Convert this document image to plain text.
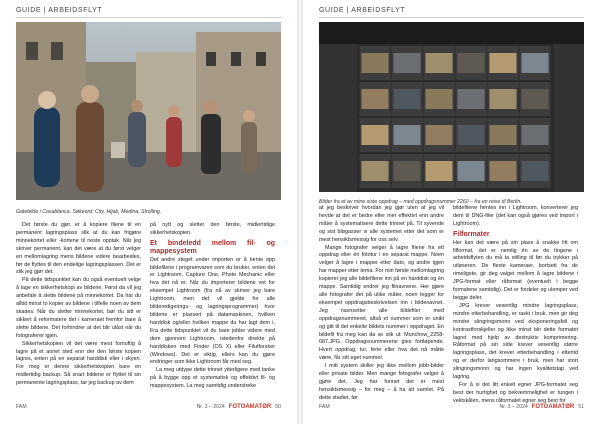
GUIDE | ARBEIDSFLYT
Gatebilde i Casablanca. Søkeord: City, Hijab, Medina, Strolling.

Det første du gjør, er å kopiere filene til en permanent lagringsplass slik at du kan frigjøre minnekortet eller -kortene til neste opptak. Når jeg skriver permanent, kan det være at du først velger en mellomlagring mens bildene videre bearbeides, før de flyttes til den endelige lagringsplassen. Det er slik jeg gjør det.

På dette tidspunktet kan du også eventuelt velge å lage en sikkerhetskopi av bildene. Først da vil jeg anbefale å slette bildene på minnekortet. Da har du alltid minst to kopier av bildene i tilfelle noen av dem skades. Når du sletter minnekortet, bør du sitt er sikkert å reformatere det i kameraet fremfor bare å slette bildene. Det forhindrer at det blir ulåst når du fotograferer igjen.

Sikkerhetskopien vil det være mest fornuftig å lagre på et annet sted enn der den første kopien lagres, enten på en separat harddisk eller i skyen. For meg er denne sikkerhetskopien bare en midlertidig backup. Så snart bildene er flyttet til sin permanente lagringsplass, tar jeg backup av dem

på nytt og sletter den første, midlertidige sikkerhetskopien.

Et bindeledd mellom fil- og mappesystem

Det andre steget under importen er å hente opp bildefilene i programvaren som du bruker, enten det er Lightroom, Capture One, Photo Mechanic eller hva det nå er. Når du importerer bildene vet for eksempel Lightroom (fra nå av skriver jeg bare Lightroom, men det vil gjelde for alle bilderedigerings- og lagringsprogrammer) hvor bildene er plassert på datamaskinen, hvilken harddisk og/eller hvilken mappe du har lagt dem i. Fra dette tidspunktet vil du bare jobbe videre med dem gjennom Lightroom, istedenfor direkte på harddisken med Finder (OS X) eller Filutforsker (Windows). Det er viktig, ellers kan du gjøre endringer som ikke Lightroom får med seg.

La meg utdype dette trinnet ytterligere med tanke på å bygge opp et systematisk og effektivt fil- og mappesystem. La meg samtidig understreke

FAM	Nr. 3 – 2024 FOTOAMATØR 50
GUIDE | ARBEIDSFLYT
Bilder fra et av mine siste oppdrag – med oppdragsnummer 2260 – fra en reise til Berlin.

at jeg beskriver hvordan jeg gjør uten at jeg vil hevde at det er bedre eller mer effektivt enn andre måter å systematisere dette trinnet på. Til syvende og sist bløgasser vi alle systemet etter det som er mest hensiktsmessig for oss selv.

Mange fotografer velger å lagre filene fra ett oppdrag eller én fototur i en separat mappe. Noen velger å lagre i mapper etter dato, og andre igjen har mapper etter tema. For min første mellomlagring kopierer jeg alle bildefilene inn på en harddisk og én mappe. Samtidig endrer jeg filnavnene. Her gjøre alle fotografer det på ulike måter, noen legger for eksempel oppdragsbeskrivelsen inn i bildenavnet. Jeg navnsetter alle bildefiler med oppdragsnummeret, altså et nummer som er unikt og gitt til det enkelte bildets nummer i oppdraget. En bildefil fra meg kan da se slik ut: Munchow_2258-087.JPG. Oppdragsnummerene gies fortløpende. Hvert oppdrag, tur, ferie eller hva det nå måtte være, får sitt eget nummer.

I mitt system skiller jeg ikke mellom jobb-bilder eller private bilder. Men mange fotografer velger å gjøre det. Jeg har funnet det er mest hensiktsmessig – for meg – å ha alt samlet. På dette stadiet, før

bildefilene hentes inn i Lightroom, konverterer jeg dem til DNG-filer (det kan også gjøres ved import i Lightroom).

Filformater

Her kan det være på sin plass å snakke litt om filformat, det er nemlig én av de tingene i arbeidsflyten du må ta stilling til før du trykker på utløseren. De fleste kameraer, bortsett fra de rimeligste, gir deg valget mellom å lagre bildene i JPG-format eller råformat (eventuelt i begge formatene samtidig). Det er fordeler og ulemper ved begge deler.

JPG krever vesentlig mindre lagringsplass, mindre etterbehandling, er raskt i bruk, men gir deg mindre slingringsmonn ved eksponeringsfeil og kontrastforskjeller og ikke minst blir dette formatet lagret med hjelp av destruktiv komprimering. Råformat på sin side krever vesentlig større lagringsplass, det krever etterbehandling i ettertid og er derfor langsommere i bruk, men har stort slingringsmonn og har ingen kvalitetstap ved lagring.

For å si det litt enkelt egner JPG-formatet seg best der hurtighet og bekvemmelighet er tungen i vektskålen, mens råformatet egner seg best for

FAM	Nr. 3 – 2024 FOTOAMATØR 51
